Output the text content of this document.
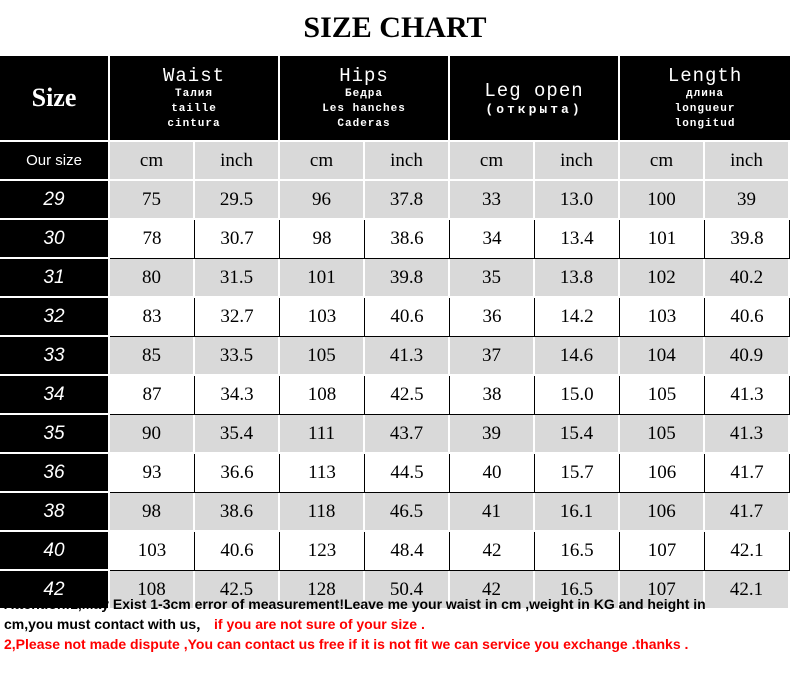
SIZE CHART
Size	Waist
Талия
taille
cintura		Hips
Бедра
Les hanches
Caderas		Leg open
(открыта)		Length
длина
longueur
longitud	

Our size	cm	inch	cm	inch	cm	inch	cm	inch
29	75	29.5	96	37.8	33	13.0	100	39
30	78	30.7	98	38.6	34	13.4	101	39.8
31	80	31.5	101	39.8	35	13.8	102	40.2
32	83	32.7	103	40.6	36	14.2	103	40.6
33	85	33.5	105	41.3	37	14.6	104	40.9
34	87	34.3	108	42.5	38	15.0	105	41.3
35	90	35.4	111	43.7	39	15.4	105	41.3
36	93	36.6	113	44.5	40	15.7	106	41.7
38	98	38.6	118	46.5	41	16.1	106	41.7
40	103	40.6	123	48.4	42	16.5	107	42.1
42	108	42.5	128	50.4	42	16.5	107	42.1
Attention:1,May Exist 1-3cm error of measurement!Leave me your waist in cm ,weight in KG and height in
cm,you must contact with us， if you are not sure of your size .
2,Please not made dispute ,You can contact us free if it is not fit we can service you exchange .thanks .
